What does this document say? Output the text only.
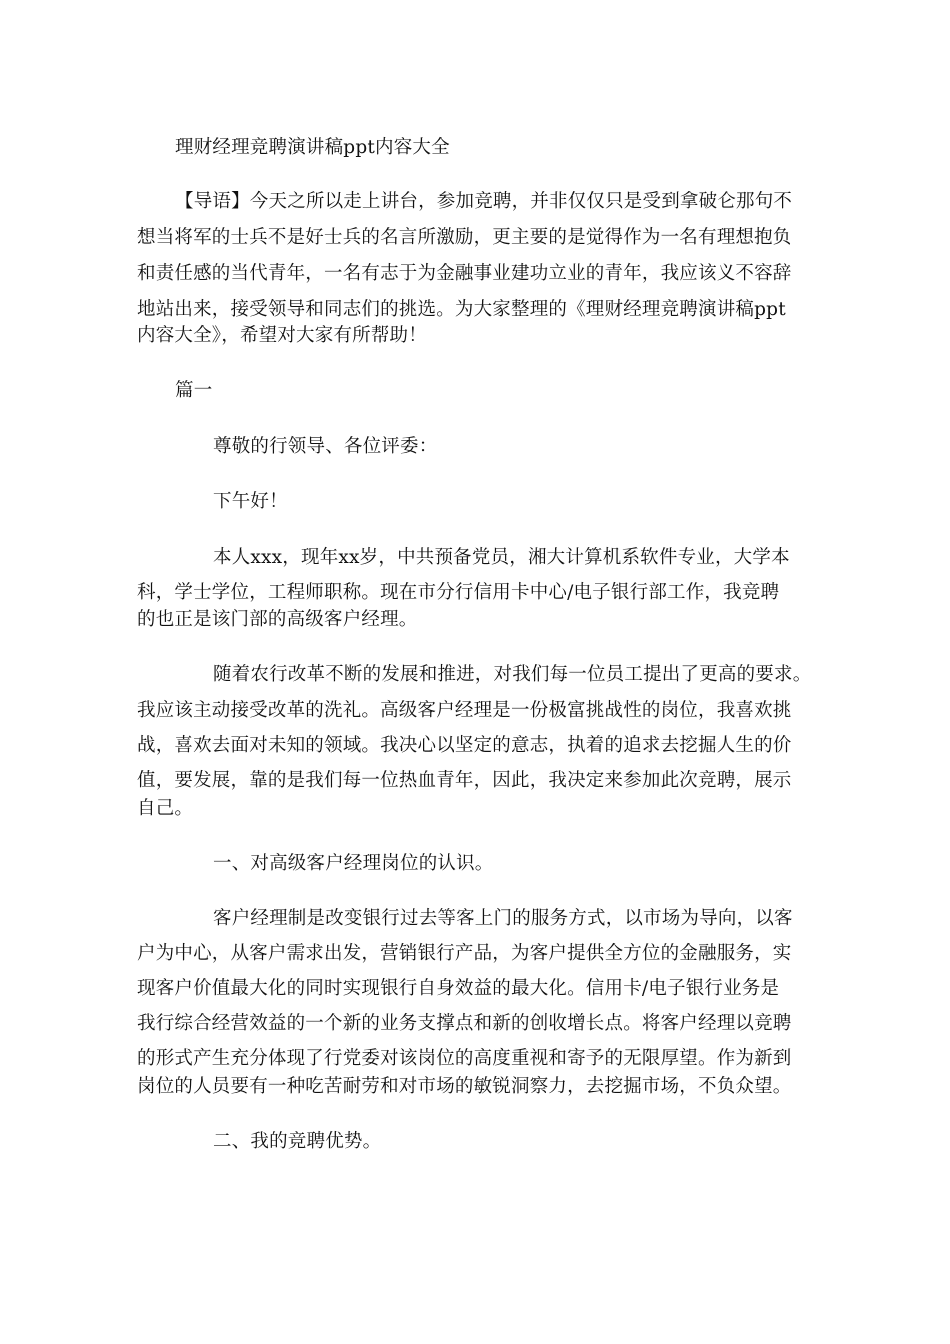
理财经理竞聘演讲稿ppt内容大全
【导语】今天之所以走上讲台，参加竞聘，并非仅仅只是受到拿破仑那句不
想当将军的士兵不是好士兵的名言所激励，更主要的是觉得作为一名有理想抱负
和责任感的当代青年，一名有志于为金融事业建功立业的青年，我应该义不容辞
地站出来，接受领导和同志们的挑选。为大家整理的《理财经理竞聘演讲稿ppt
内容大全》，希望对大家有所帮助！
篇一
尊敬的行领导、各位评委：
下午好！
本人xxx，现年xx岁，中共预备党员，湘大计算机系软件专业，大学本
科，学士学位，工程师职称。现在市分行信用卡中心/电子银行部工作，我竞聘
的也正是该门部的高级客户经理。
随着农行改革不断的发展和推进，对我们每一位员工提出了更高的要求。
我应该主动接受改革的洗礼。高级客户经理是一份极富挑战性的岗位，我喜欢挑
战，喜欢去面对未知的领域。我决心以坚定的意志，执着的追求去挖掘人生的价
值，要发展，靠的是我们每一位热血青年，因此，我决定来参加此次竞聘，展示
自己。
一、对高级客户经理岗位的认识。
客户经理制是改变银行过去等客上门的服务方式，以市场为导向，以客
户为中心，从客户需求出发，营销银行产品，为客户提供全方位的金融服务，实
现客户价值最大化的同时实现银行自身效益的最大化。信用卡/电子银行业务是
我行综合经营效益的一个新的业务支撑点和新的创收增长点。将客户经理以竞聘
的形式产生充分体现了行党委对该岗位的高度重视和寄予的无限厚望。作为新到
岗位的人员要有一种吃苦耐劳和对市场的敏锐洞察力，去挖掘市场，不负众望。
二、我的竞聘优势。
